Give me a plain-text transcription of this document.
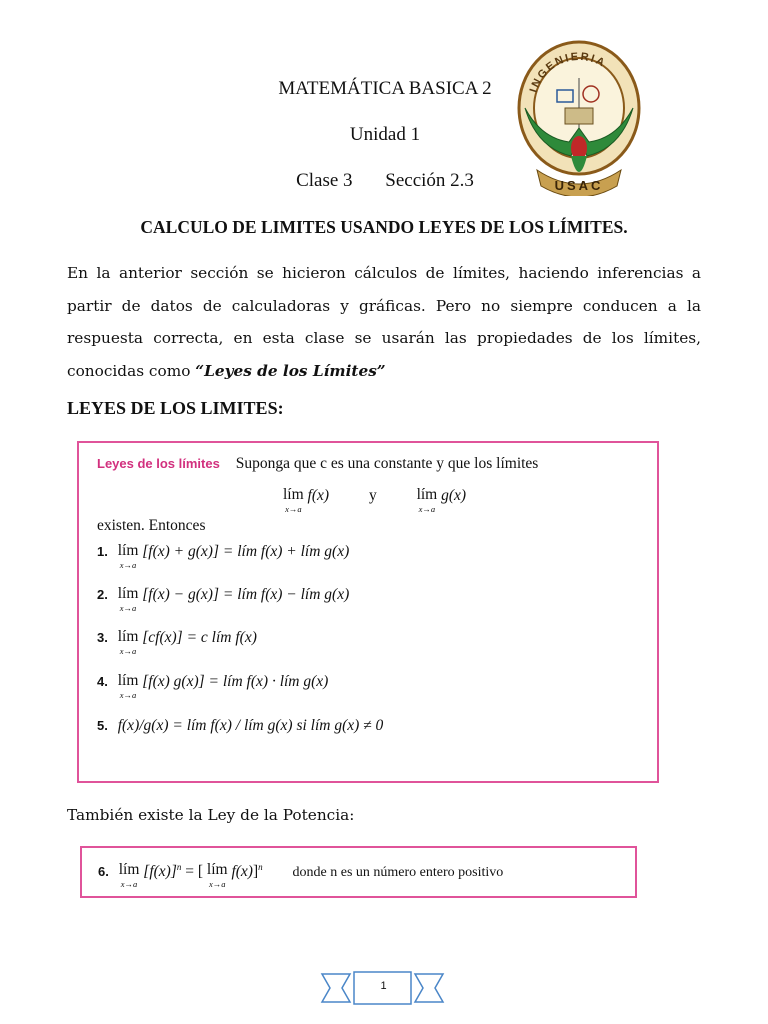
MATEMÁTICA BASICA 2
Unidad 1
Clase 3 Sección 2.3
INGENIERIA
USAC
CALCULO DE LIMITES USANDO LEYES DE LOS LÍMITES.
En la anterior sección se hicieron cálculos de límites, haciendo inferencias a partir de datos de calculadoras y gráficas. Pero no siempre conducen a la respuesta correcta, en esta clase se usarán las propiedades de los límites, conocidas como “Leyes de los Límites”
LEYES DE LOS LIMITES:
Leyes de los límites Suponga que c es una constante y que los límites
lím
x→a
f(x)	y	lím
x→a
g(x)
existen. Entonces
1. lím
x→a
[f(x) + g(x)] = lím f(x) + lím g(x)
2. lím
x→a
[f(x) − g(x)] = lím f(x) − lím g(x)
3. lím
x→a
[cf(x)] = c lím f(x)
4. lím
x→a
[f(x) g(x)] = lím f(x) · lím g(x)
5. f(x)/g(x) = lím f(x) / lím g(x) si lím g(x) ≠ 0
También existe la Ley de la Potencia:
6. lím
x→a
$[f(x)]^n$ = [ lím
x→a
f(x)]$^n$ donde n es un número entero positivo
1
